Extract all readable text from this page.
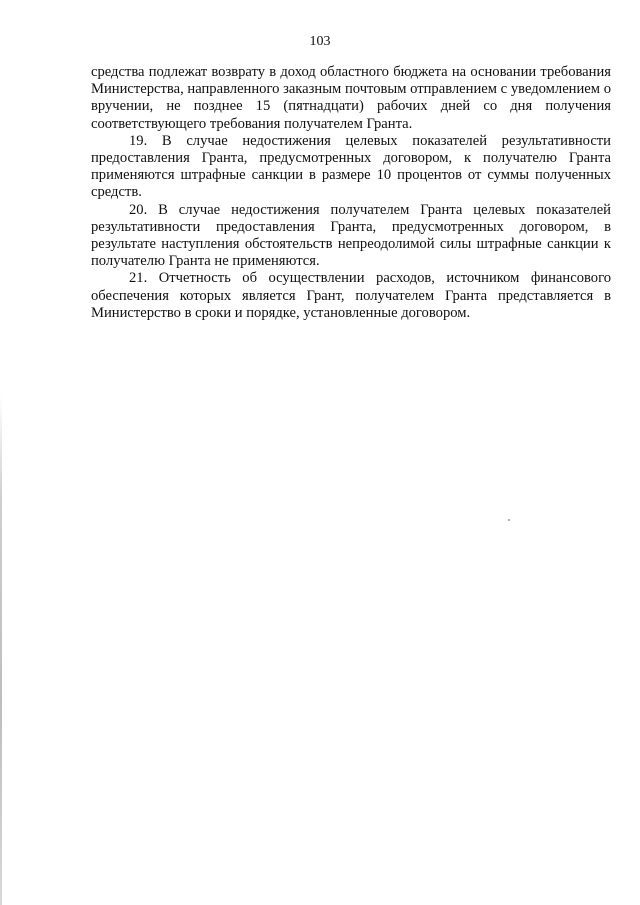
103

средства подлежат возврату в доход областного бюджета на основании требования Министерства, направленного заказным почтовым отправлением с уведомлением о вручении, не позднее 15 (пятнадцати) рабочих дней со дня получения соответствующего требования получателем Гранта.

19. В случае недостижения целевых показателей результативности предоставления Гранта, предусмотренных договором, к получателю Гранта применяются штрафные санкции в размере 10 процентов от суммы полученных средств.

20. В случае недостижения получателем Гранта целевых показателей результативности предоставления Гранта, предусмотренных договором, в результате наступления обстоятельств непреодолимой силы штрафные санкции к получателю Гранта не применяются.

21. Отчетность об осуществлении расходов, источником финансового обеспечения которых является Грант, получателем Гранта представляется в Министерство в сроки и порядке, установленные договором.
